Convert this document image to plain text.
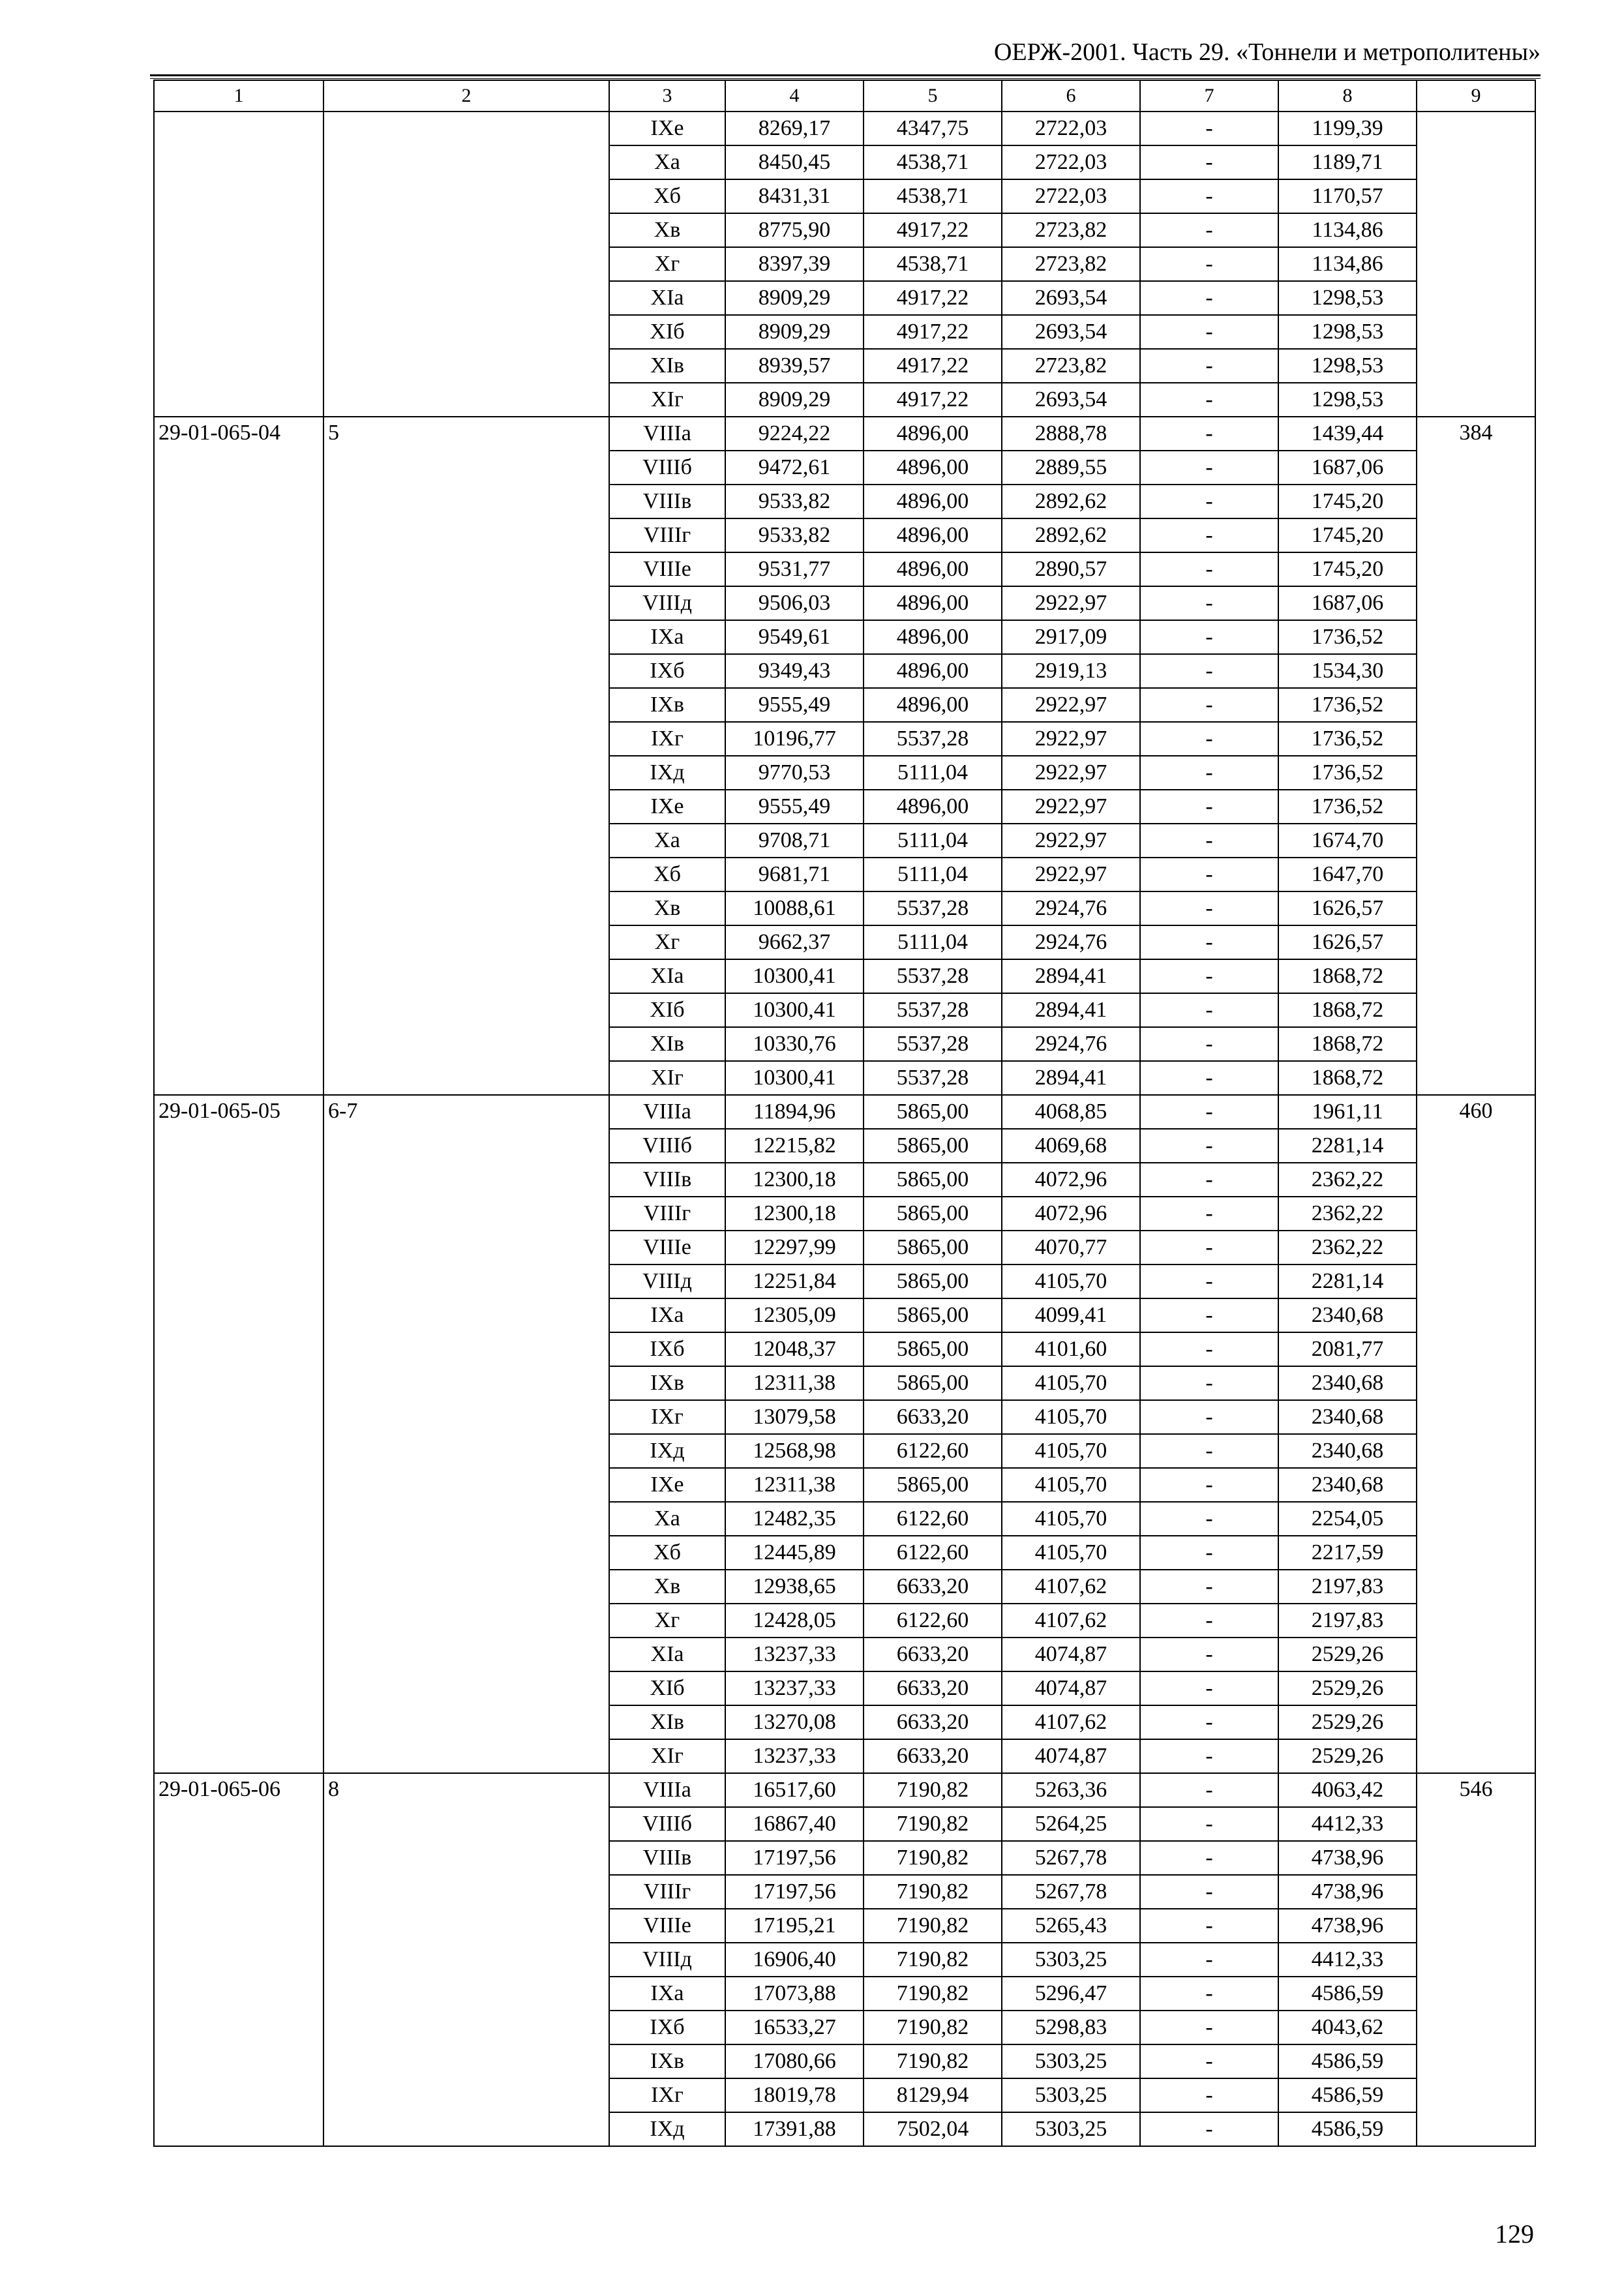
ОЕРЖ-2001. Часть 29. «Тоннели и метрополитены»
1	2	3	4	5	6	7	8	9
		IXе	8269,17	4347,75	2722,03	-	1199,39	
		Xа	8450,45	4538,71	2722,03	-	1189,71	
		Xб	8431,31	4538,71	2722,03	-	1170,57	
		Xв	8775,90	4917,22	2723,82	-	1134,86	
		Xг	8397,39	4538,71	2723,82	-	1134,86	
		XIа	8909,29	4917,22	2693,54	-	1298,53	
		XIб	8909,29	4917,22	2693,54	-	1298,53	
		XIв	8939,57	4917,22	2723,82	-	1298,53	
		XIг	8909,29	4917,22	2693,54	-	1298,53	
29-01-065-04	5	VIIIа	9224,22	4896,00	2888,78	-	1439,44	384
		VIIIб	9472,61	4896,00	2889,55	-	1687,06	
		VIIIв	9533,82	4896,00	2892,62	-	1745,20	
		VIIIг	9533,82	4896,00	2892,62	-	1745,20	
		VIIIе	9531,77	4896,00	2890,57	-	1745,20	
		VIIIд	9506,03	4896,00	2922,97	-	1687,06	
		IXа	9549,61	4896,00	2917,09	-	1736,52	
		IXб	9349,43	4896,00	2919,13	-	1534,30	
		IXв	9555,49	4896,00	2922,97	-	1736,52	
		IXг	10196,77	5537,28	2922,97	-	1736,52	
		IXд	9770,53	5111,04	2922,97	-	1736,52	
		IXе	9555,49	4896,00	2922,97	-	1736,52	
		Xа	9708,71	5111,04	2922,97	-	1674,70	
		Xб	9681,71	5111,04	2922,97	-	1647,70	
		Xв	10088,61	5537,28	2924,76	-	1626,57	
		Xг	9662,37	5111,04	2924,76	-	1626,57	
		XIа	10300,41	5537,28	2894,41	-	1868,72	
		XIб	10300,41	5537,28	2894,41	-	1868,72	
		XIв	10330,76	5537,28	2924,76	-	1868,72	
		XIг	10300,41	5537,28	2894,41	-	1868,72	
29-01-065-05	6-7	VIIIа	11894,96	5865,00	4068,85	-	1961,11	460
		VIIIб	12215,82	5865,00	4069,68	-	2281,14	
		VIIIв	12300,18	5865,00	4072,96	-	2362,22	
		VIIIг	12300,18	5865,00	4072,96	-	2362,22	
		VIIIе	12297,99	5865,00	4070,77	-	2362,22	
		VIIIд	12251,84	5865,00	4105,70	-	2281,14	
		IXа	12305,09	5865,00	4099,41	-	2340,68	
		IXб	12048,37	5865,00	4101,60	-	2081,77	
		IXв	12311,38	5865,00	4105,70	-	2340,68	
		IXг	13079,58	6633,20	4105,70	-	2340,68	
		IXд	12568,98	6122,60	4105,70	-	2340,68	
		IXе	12311,38	5865,00	4105,70	-	2340,68	
		Xа	12482,35	6122,60	4105,70	-	2254,05	
		Xб	12445,89	6122,60	4105,70	-	2217,59	
		Xв	12938,65	6633,20	4107,62	-	2197,83	
		Xг	12428,05	6122,60	4107,62	-	2197,83	
		XIа	13237,33	6633,20	4074,87	-	2529,26	
		XIб	13237,33	6633,20	4074,87	-	2529,26	
		XIв	13270,08	6633,20	4107,62	-	2529,26	
		XIг	13237,33	6633,20	4074,87	-	2529,26	
29-01-065-06	8	VIIIа	16517,60	7190,82	5263,36	-	4063,42	546
		VIIIб	16867,40	7190,82	5264,25	-	4412,33	
		VIIIв	17197,56	7190,82	5267,78	-	4738,96	
		VIIIг	17197,56	7190,82	5267,78	-	4738,96	
		VIIIе	17195,21	7190,82	5265,43	-	4738,96	
		VIIIд	16906,40	7190,82	5303,25	-	4412,33	
		IXа	17073,88	7190,82	5296,47	-	4586,59	
		IXб	16533,27	7190,82	5298,83	-	4043,62	
		IXв	17080,66	7190,82	5303,25	-	4586,59	
		IXг	18019,78	8129,94	5303,25	-	4586,59	
		IXд	17391,88	7502,04	5303,25	-	4586,59	
129
